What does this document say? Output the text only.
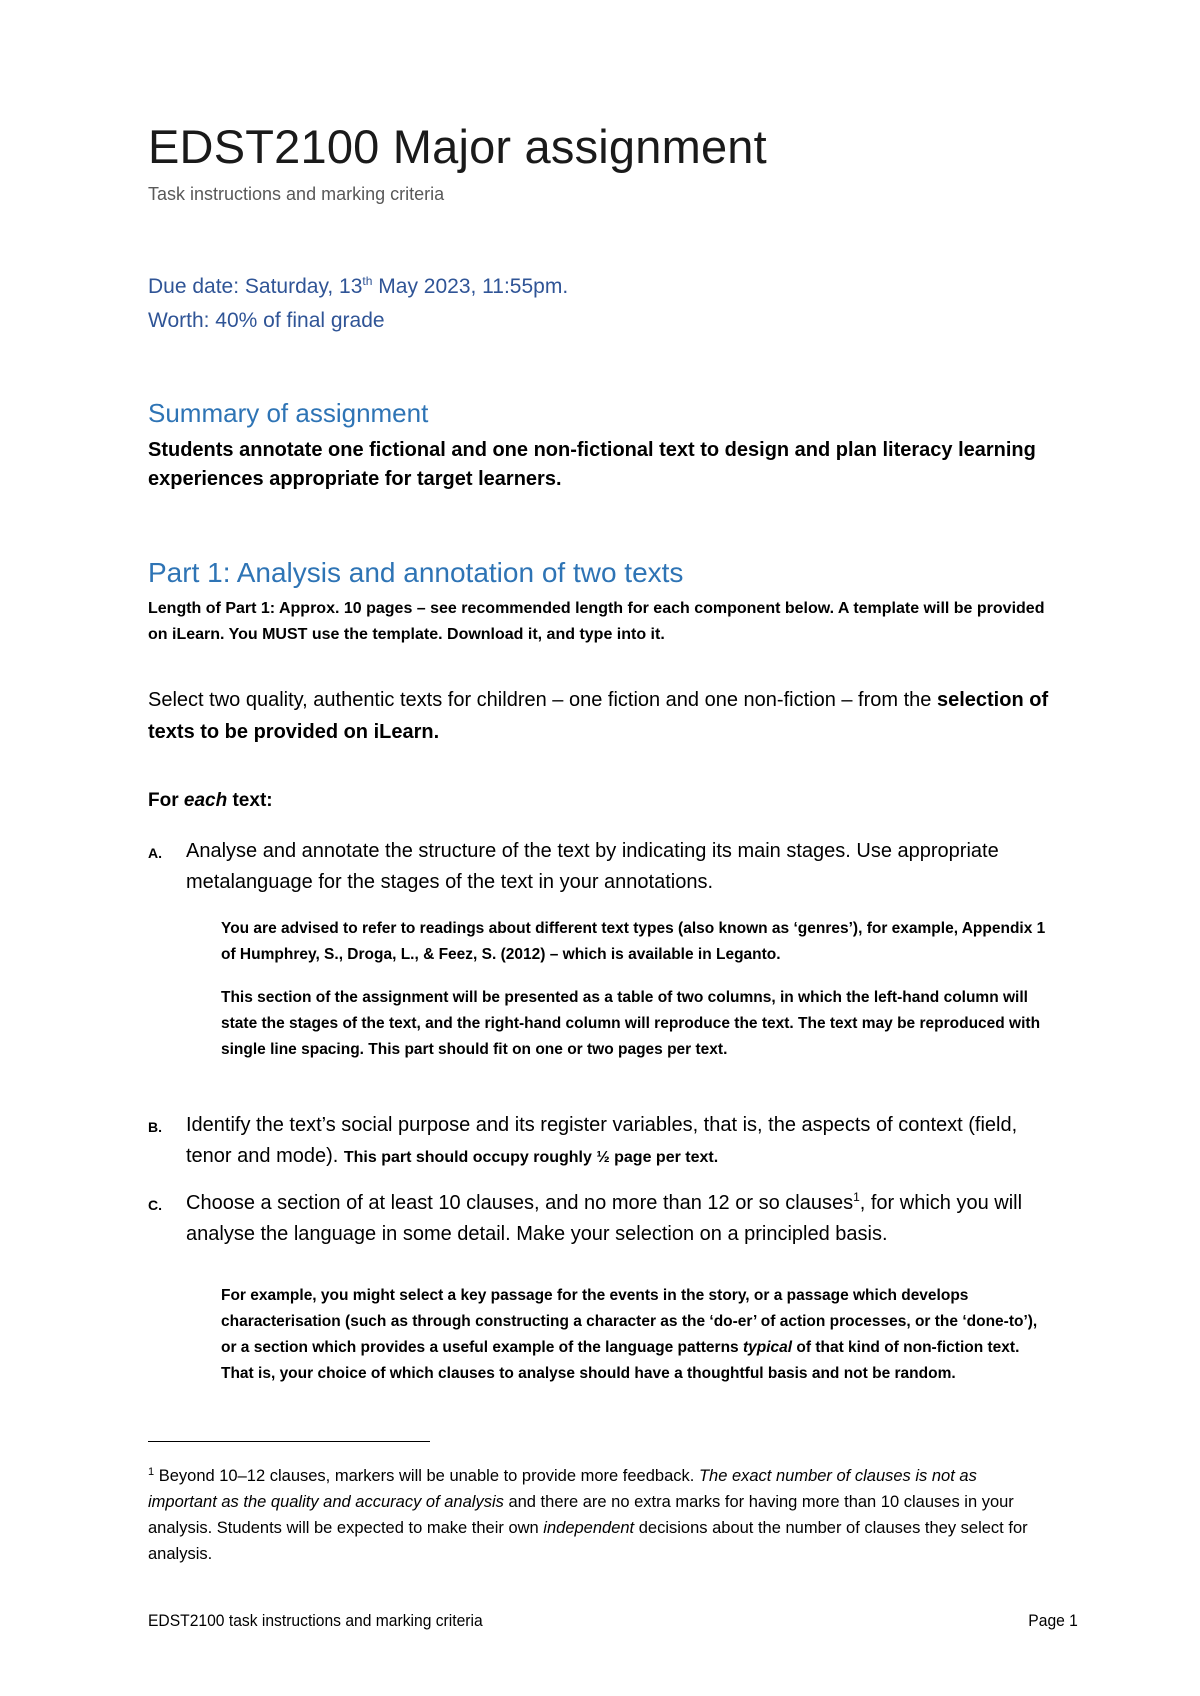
EDST2100 Major assignment
Task instructions and marking criteria
Due date: Saturday, 13th May 2023, 11:55pm.
Worth: 40% of final grade
Summary of assignment
Students annotate one fictional and one non-fictional text to design and plan literacy learning experiences appropriate for target learners.
Part 1: Analysis and annotation of two texts
Length of Part 1: Approx. 10 pages – see recommended length for each component below. A template will be provided on iLearn. You MUST use the template. Download it, and type into it.
Select two quality, authentic texts for children – one fiction and one non-fiction – from the selection of texts to be provided on iLearn.
For each text:
A. Analyse and annotate the structure of the text by indicating its main stages. Use appropriate metalanguage for the stages of the text in your annotations.
You are advised to refer to readings about different text types (also known as ‘genres’), for example, Appendix 1 of Humphrey, S., Droga, L., & Feez, S. (2012) – which is available in Leganto.
This section of the assignment will be presented as a table of two columns, in which the left-hand column will state the stages of the text, and the right-hand column will reproduce the text. The text may be reproduced with single line spacing. This part should fit on one or two pages per text.
B. Identify the text’s social purpose and its register variables, that is, the aspects of context (field, tenor and mode). This part should occupy roughly ½ page per text.
C. Choose a section of at least 10 clauses, and no more than 12 or so clauses$^1$, for which you will analyse the language in some detail. Make your selection on a principled basis.
For example, you might select a key passage for the events in the story, or a passage which develops characterisation (such as through constructing a character as the ‘do-er’ of action processes, or the ‘done-to’), or a section which provides a useful example of the language patterns typical of that kind of non-fiction text. That is, your choice of which clauses to analyse should have a thoughtful basis and not be random.
$^1$ Beyond 10–12 clauses, markers will be unable to provide more feedback. The exact number of clauses is not as important as the quality and accuracy of analysis and there are no extra marks for having more than 10 clauses in your analysis. Students will be expected to make their own independent decisions about the number of clauses they select for analysis.
EDST2100 task instructions and marking criteria	Page 1
